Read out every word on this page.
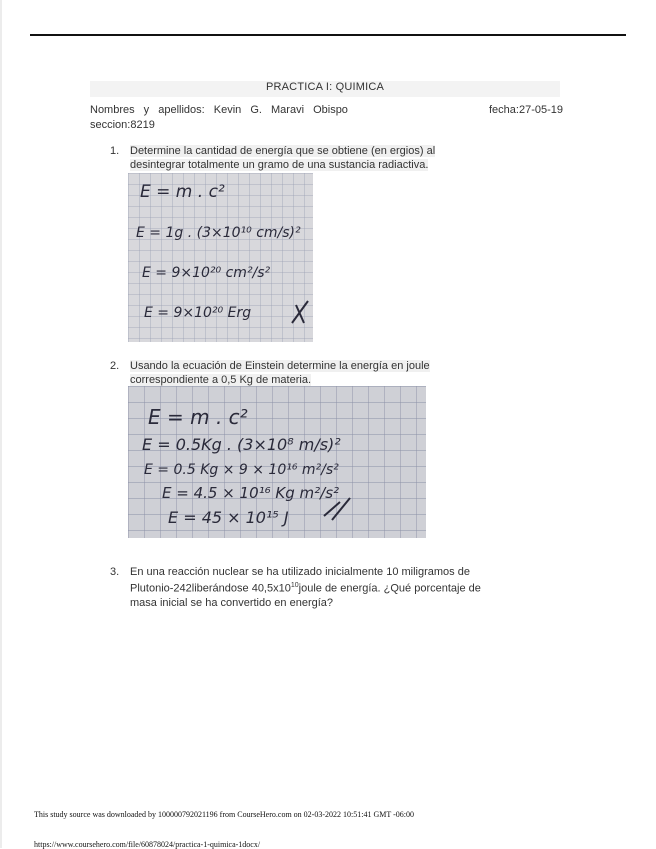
PRACTICA I: QUIMICA
Nombres y apellidos: Kevin G. Maravi Obispo	fecha:27-05-19
seccion:8219
1. Determine la cantidad de energía que se obtiene (en ergios) al
desintegrar totalmente un gramo de una sustancia radiactiva.
E = m . c²
E = 1g . (3×10¹⁰ cm/s)²
E = 9×10²⁰ cm²/s²
E = 9×10²⁰ Erg
2. Usando la ecuación de Einstein determine la energía en joule
correspondiente a 0,5 Kg de materia.
E = m . c²
E = 0.5Kg . (3×10⁸ m/s)²
E = 0.5 Kg × 9 × 10¹⁶ m²/s²
E = 4.5 × 10¹⁶ Kg m²/s²
E = 45 × 10¹⁵ J
3. En una reacción nuclear se ha utilizado inicialmente 10 miligramos de
Plutonio-242liberándose $40,5x10^{10}joule$ de energía. ¿Qué porcentaje de
masa inicial se ha convertido en energía?
This study source was downloaded by 100000792021196 from CourseHero.com on 02-03-2022 10:51:41 GMT -06:00
https://www.coursehero.com/file/60878024/practica-1-quimica-1docx/
